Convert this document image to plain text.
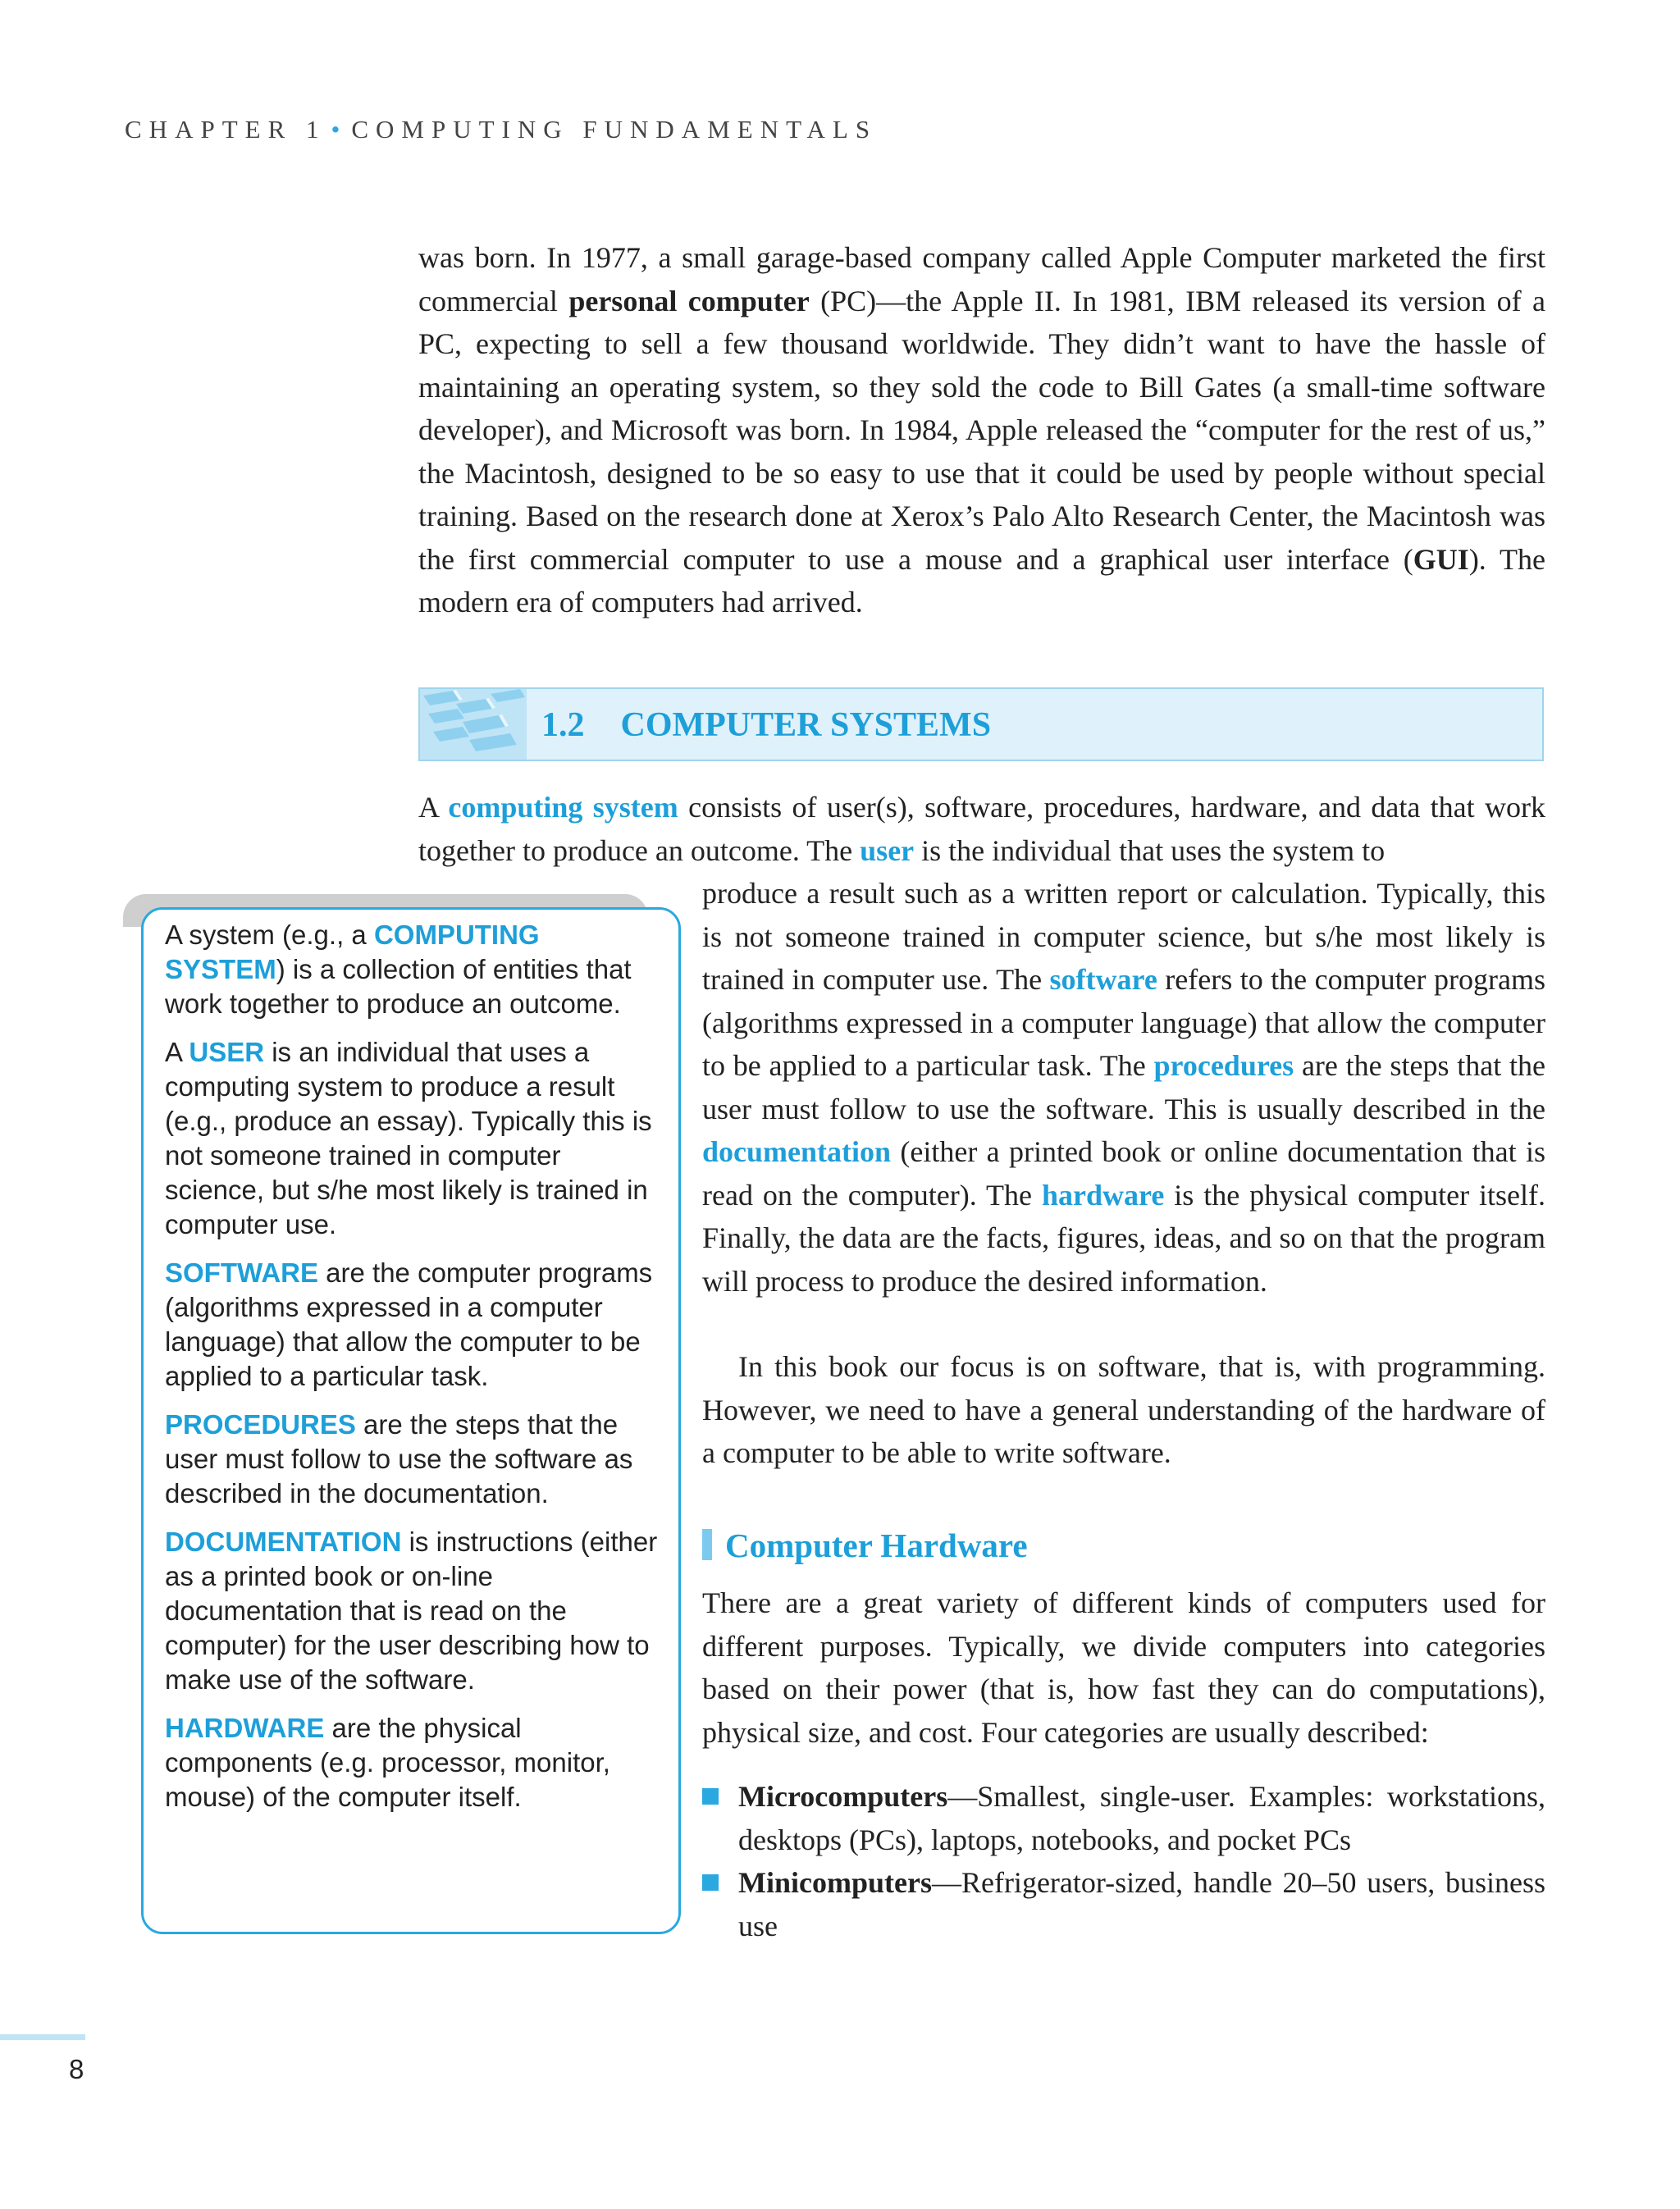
CHAPTER 1 • COMPUTING FUNDAMENTALS

was born. In 1977, a small garage-based company called Apple Computer marketed the first commercial personal computer (PC)—the Apple II. In 1981, IBM released its version of a PC, expecting to sell a few thousand worldwide. They didn’t want to have the hassle of maintaining an operating system, so they sold the code to Bill Gates (a small-time software developer), and Microsoft was born. In 1984, Apple released the “computer for the rest of us,” the Macintosh, designed to be so easy to use that it could be used by people without special training. Based on the research done at Xerox’s Palo Alto Research Center, the Macintosh was the first commercial computer to use a mouse and a graphical user interface (GUI). The modern era of computers had arrived.

1.2 COMPUTER SYSTEMS

A computing system consists of user(s), software, procedures, hardware, and data that work together to produce an outcome. The user is the individual that uses the system to

produce a result such as a written report or calculation. Typically, this is not someone trained in computer science, but s/he most likely is trained in computer use. The software refers to the computer programs (algorithms expressed in a computer language) that allow the computer to be applied to a particular task. The procedures are the steps that the user must follow to use the software. This is usually described in the documentation (either a printed book or online documentation that is read on the computer). The hardware is the physical computer itself. Finally, the data are the facts, figures, ideas, and so on that the program will process to produce the desired information.

In this book our focus is on software, that is, with programming. However, we need to have a general understanding of the hardware of a computer to be able to write software.

A system (e.g., a COMPUTING SYSTEM) is a collection of entities that work together to produce an outcome.

A USER is an individual that uses a computing system to produce a result (e.g., produce an essay). Typically this is not someone trained in computer science, but s/he most likely is trained in computer use.

SOFTWARE are the computer programs (algorithms expressed in a computer language) that allow the computer to be applied to a particular task.

PROCEDURES are the steps that the user must follow to use the software as described in the documentation.

DOCUMENTATION is instructions (either as a printed book or on-line documentation that is read on the computer) for the user describing how to make use of the software.

HARDWARE are the physical components (e.g. processor, monitor, mouse) of the computer itself.

Computer Hardware

There are a great variety of different kinds of computers used for different purposes. Typically, we divide computers into categories based on their power (that is, how fast they can do computations), physical size, and cost. Four categories are usually described:

Microcomputers—Smallest, single-user. Examples: workstations, desktops (PCs), laptops, notebooks, and pocket PCs
Minicomputers—Refrigerator-sized, handle 20–50 users, business use
8
